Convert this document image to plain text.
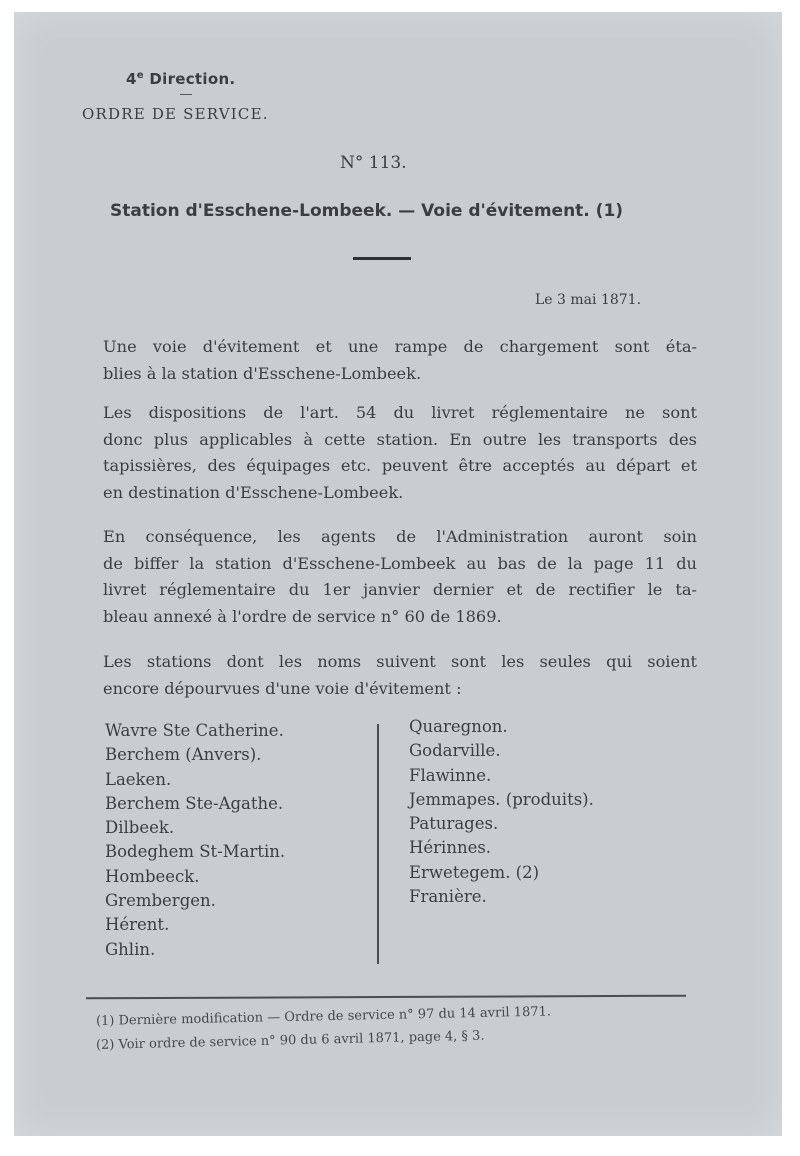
4e Direction.
ORDRE DE SERVICE.
N° 113.
Station d'Esschene-Lombeek. — Voie d'évitement. (1)
Le 3 mai 1871.
Une voie d'évitement et une rampe de chargement sont éta-
blies à la station d'Esschene-Lombeek.
Les dispositions de l'art. 54 du livret réglementaire ne sont
donc plus applicables à cette station. En outre les transports des
tapissières, des équipages etc. peuvent être acceptés au départ et
en destination d'Esschene-Lombeek.
En conséquence, les agents de l'Administration auront soin
de biffer la station d'Esschene-Lombeek au bas de la page 11 du
livret réglementaire du 1er janvier dernier et de rectifier le ta-
bleau annexé à l'ordre de service n° 60 de 1869.
Les stations dont les noms suivent sont les seules qui soient
encore dépourvues d'une voie d'évitement :
Wavre Ste Catherine.
Berchem (Anvers).
Laeken.
Berchem Ste-Agathe.
Dilbeek.
Bodeghem St-Martin.
Hombeeck.
Grembergen.
Hérent.
Ghlin.
Quaregnon.
Godarville.
Flawinne.
Jemmapes. (produits).
Paturages.
Hérinnes.
Erwetegem. (2)
Franière.
(1) Dernière modification — Ordre de service n° 97 du 14 avril 1871.
(2) Voir ordre de service n° 90 du 6 avril 1871, page 4, § 3.
